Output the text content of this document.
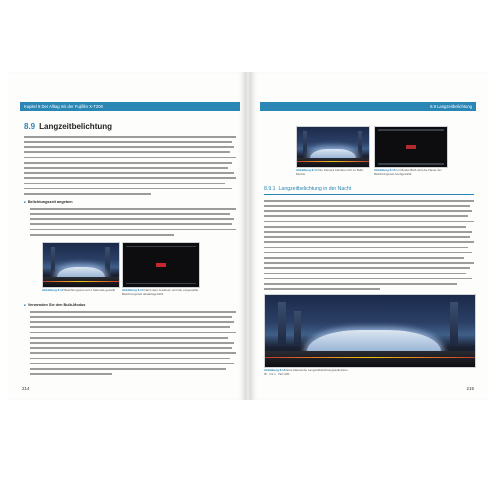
Kapitel 8 Der Alltag mit der Fujifilm X-T200
8.9 Langzeitbelichtung
■ Belichtungszeit angeben
Abbildung 8.12 Belichtungszeit auf 1 Sekunde gestellt	Abbildung 8.13 Nach dem Auslösen wird die eingestellte Belichtungszeit abwärtsgezählt
■ Verwenden Sie den Bulb-Modus
214
8.9 Langzeitbelichtung
Abbildung 8.14 Die Kamera befindet sich im Bulb-Modus.
Abbildung 8.15 Im Modus Bulb wird die Dauer der Belichtungszeit hochgezählt.
8.9.1 Langzeitbelichtung in der Nacht
Abbildung 8.16 Eine klassische Langzeitbelichtungsaufnahme
f8 · 1/1 s · ISO 200
215
